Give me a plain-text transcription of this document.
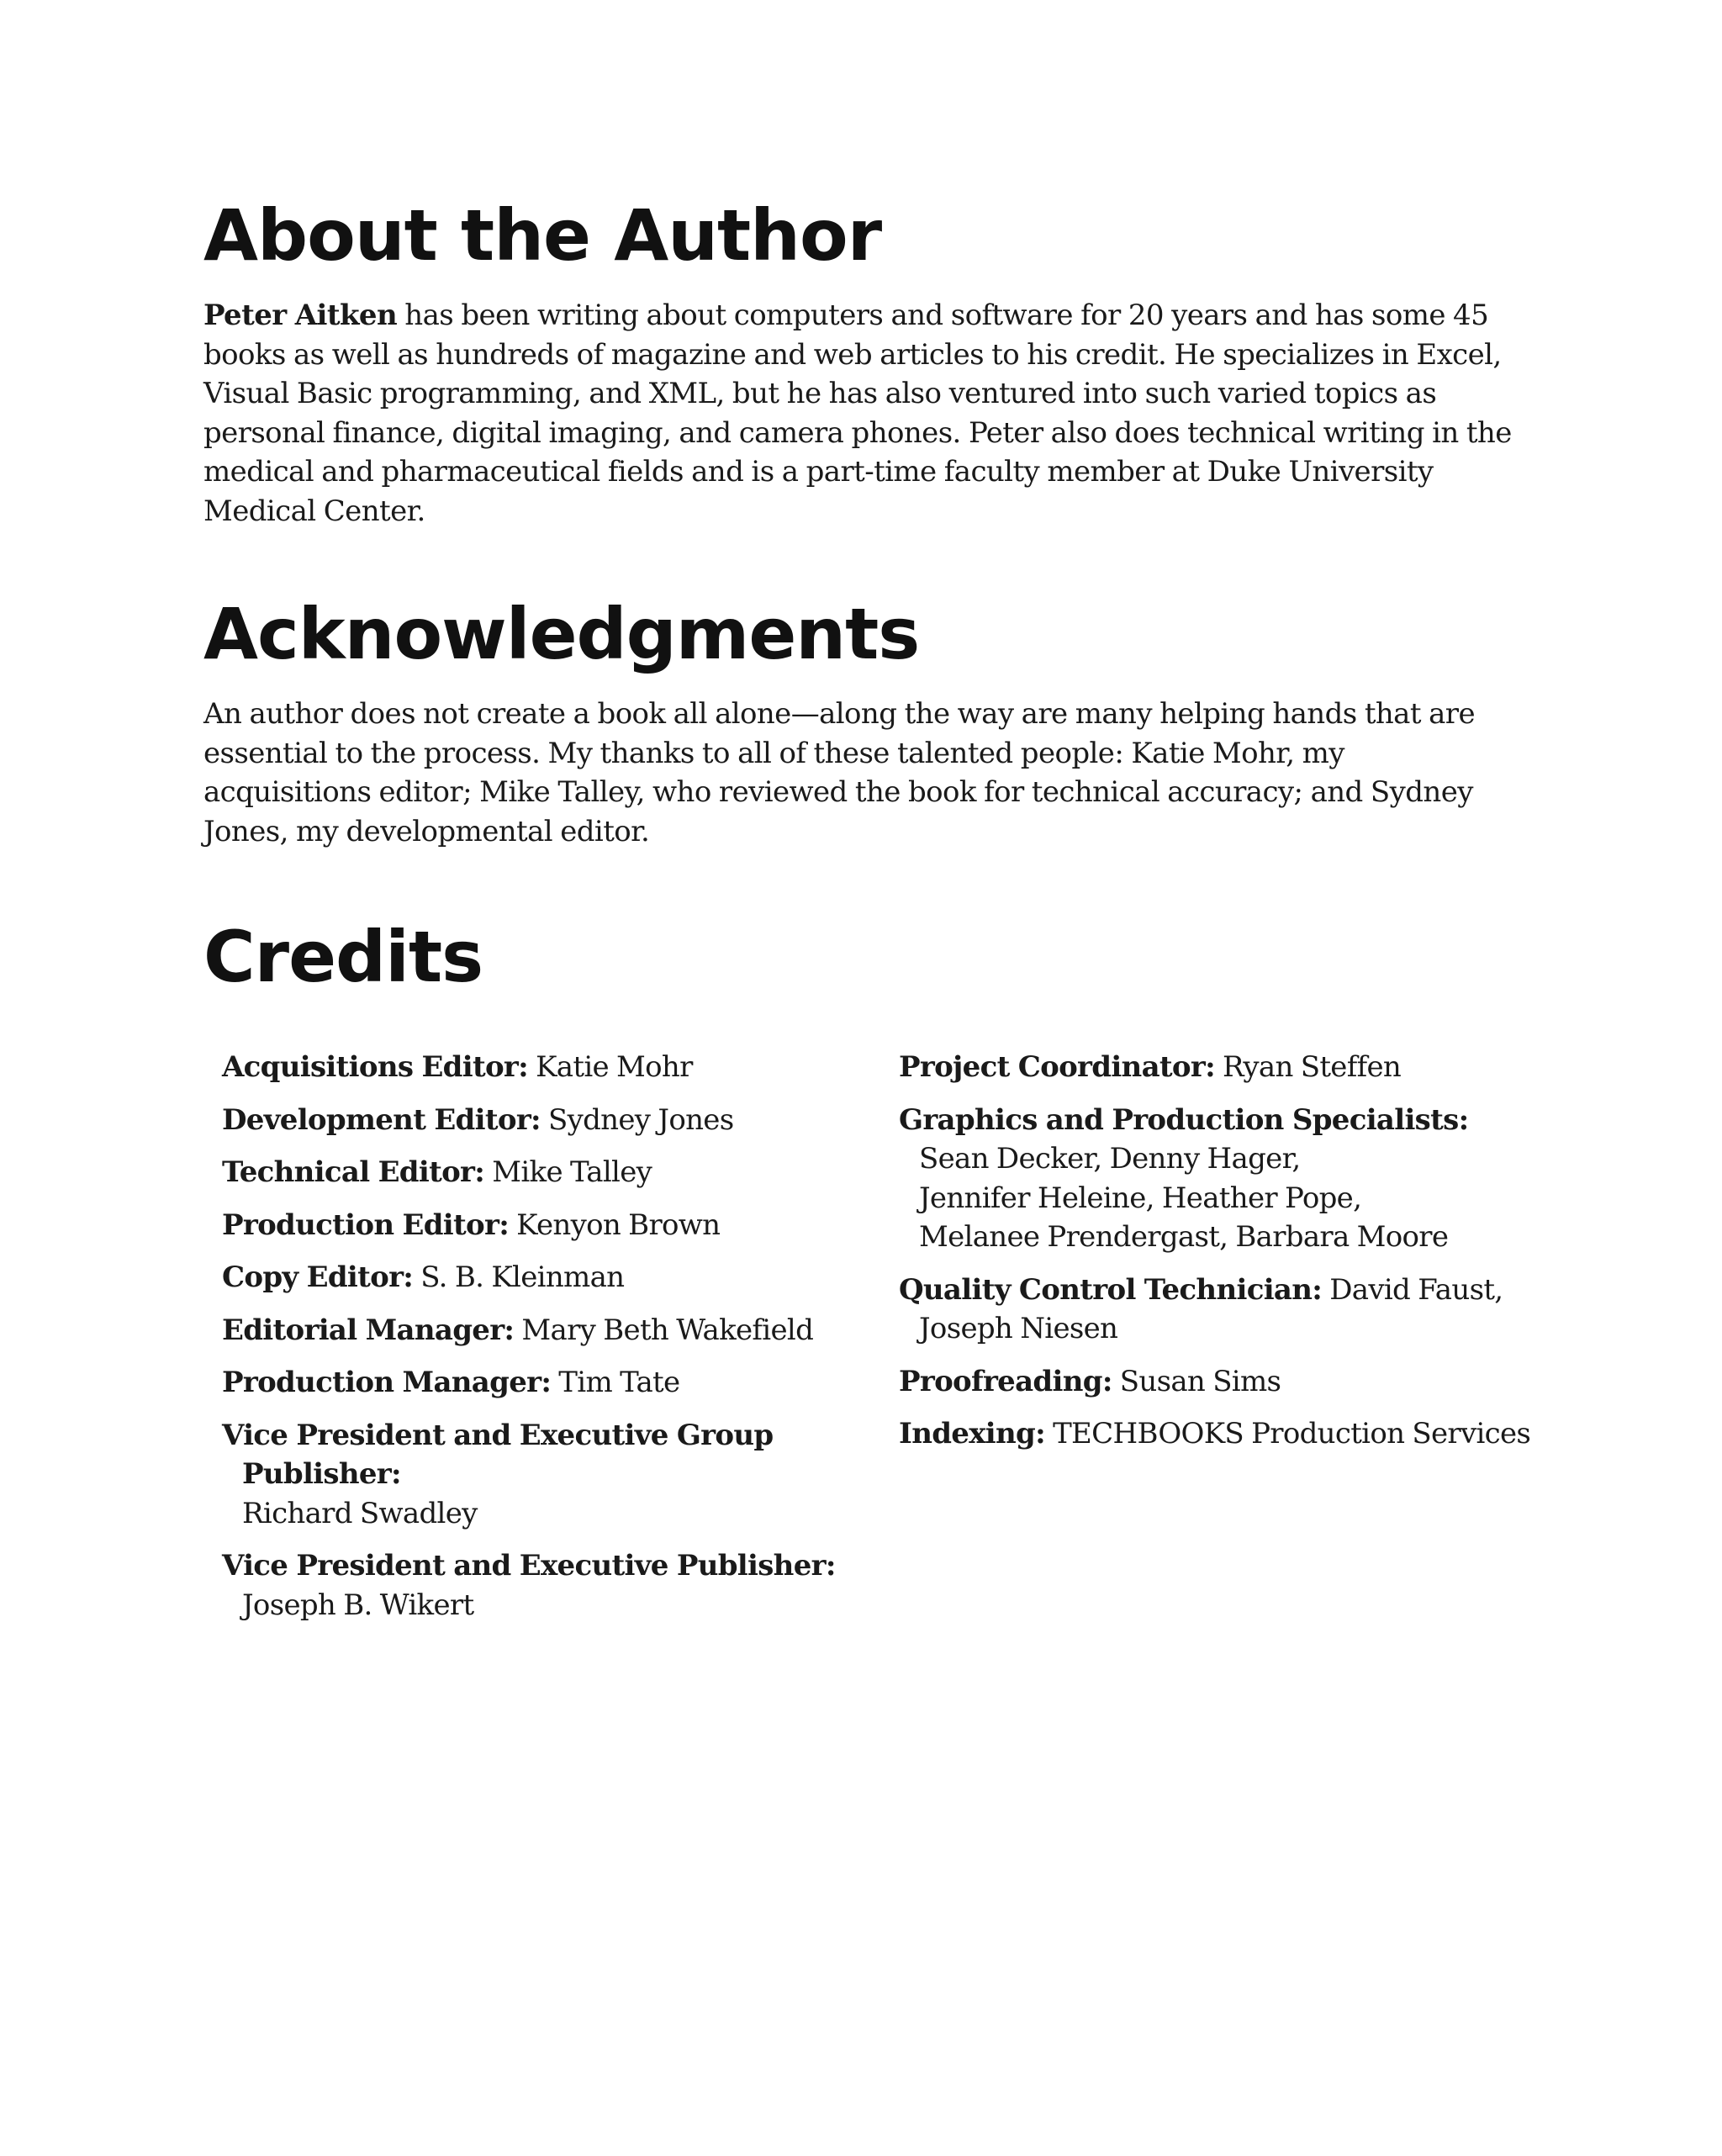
About the Author

Peter Aitken has been writing about computers and software for 20 years and has some 45 books as well as hundreds of magazine and web articles to his credit. He specializes in Excel, Visual Basic programming, and XML, but he has also ventured into such varied topics as personal finance, digital imaging, and camera phones. Peter also does technical writing in the medical and pharmaceutical fields and is a part-time faculty member at Duke University Medical Center.

Acknowledgments

An author does not create a book all alone—along the way are many helping hands that are essential to the process. My thanks to all of these talented people: Katie Mohr, my acquisitions editor; Mike Talley, who reviewed the book for technical accuracy; and Sydney Jones, my developmental editor.

Credits

Acquisitions Editor: Katie Mohr

Development Editor: Sydney Jones

Technical Editor: Mike Talley

Production Editor: Kenyon Brown

Copy Editor: S. B. Kleinman

Editorial Manager: Mary Beth Wakefield

Production Manager: Tim Tate

Vice President and Executive Group Publisher:
Richard Swadley

Vice President and Executive Publisher:
Joseph B. Wikert

Project Coordinator: Ryan Steffen

Graphics and Production Specialists:
Sean Decker, Denny Hager,
Jennifer Heleine, Heather Pope,
Melanee Prendergast, Barbara Moore

Quality Control Technician: David Faust,
Joseph Niesen

Proofreading: Susan Sims

Indexing: TECHBOOKS Production Services
